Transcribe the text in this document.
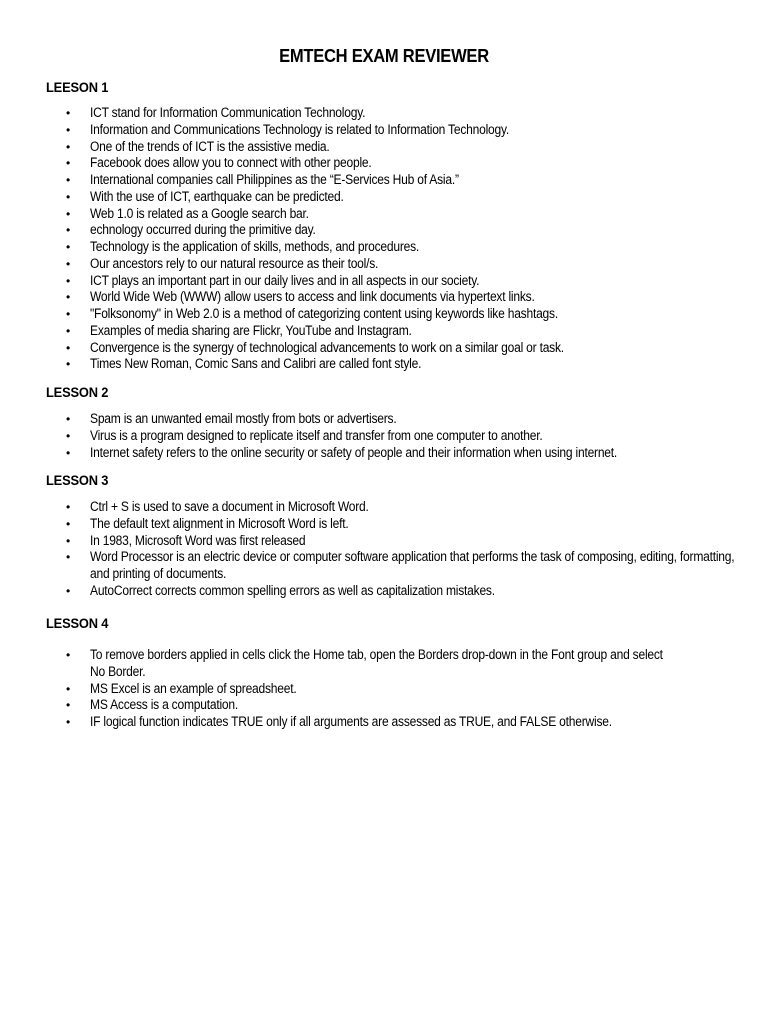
EMTECH EXAM REVIEWER
LEESON 1
• ICT stand for Information Communication Technology.
• Information and Communications Technology is related to Information Technology.
• One of the trends of ICT is the assistive media.
• Facebook does allow you to connect with other people.
• International companies call Philippines as the “E-Services Hub of Asia.”
• With the use of ICT, earthquake can be predicted.
• Web 1.0 is related as a Google search bar.
• echnology occurred during the primitive day.
• Technology is the application of skills, methods, and procedures.
• Our ancestors rely to our natural resource as their tool/s.
• ICT plays an important part in our daily lives and in all aspects in our society.
• World Wide Web (WWW) allow users to access and link documents via hypertext links.
• "Folksonomy" in Web 2.0 is a method of categorizing content using keywords like hashtags.
• Examples of media sharing are Flickr, YouTube and Instagram.
• Convergence is the synergy of technological advancements to work on a similar goal or task.
• Times New Roman, Comic Sans and Calibri are called font style.
LESSON 2
• Spam is an unwanted email mostly from bots or advertisers.
• Virus is a program designed to replicate itself and transfer from one computer to another.
• Internet safety refers to the online security or safety of people and their information when using internet.
LESSON 3
• Ctrl + S is used to save a document in Microsoft Word.
• The default text alignment in Microsoft Word is left.
• In 1983, Microsoft Word was first released
• Word Processor is an electric device or computer software application that performs the task of composing, editing, formatting, and printing of documents.
• AutoCorrect corrects common spelling errors as well as capitalization mistakes.
LESSON 4
• To remove borders applied in cells click the Home tab, open the Borders drop-down in the Font group and select No Border.
• MS Excel is an example of spreadsheet.
• MS Access is a computation.
• IF logical function indicates TRUE only if all arguments are assessed as TRUE, and FALSE otherwise.
